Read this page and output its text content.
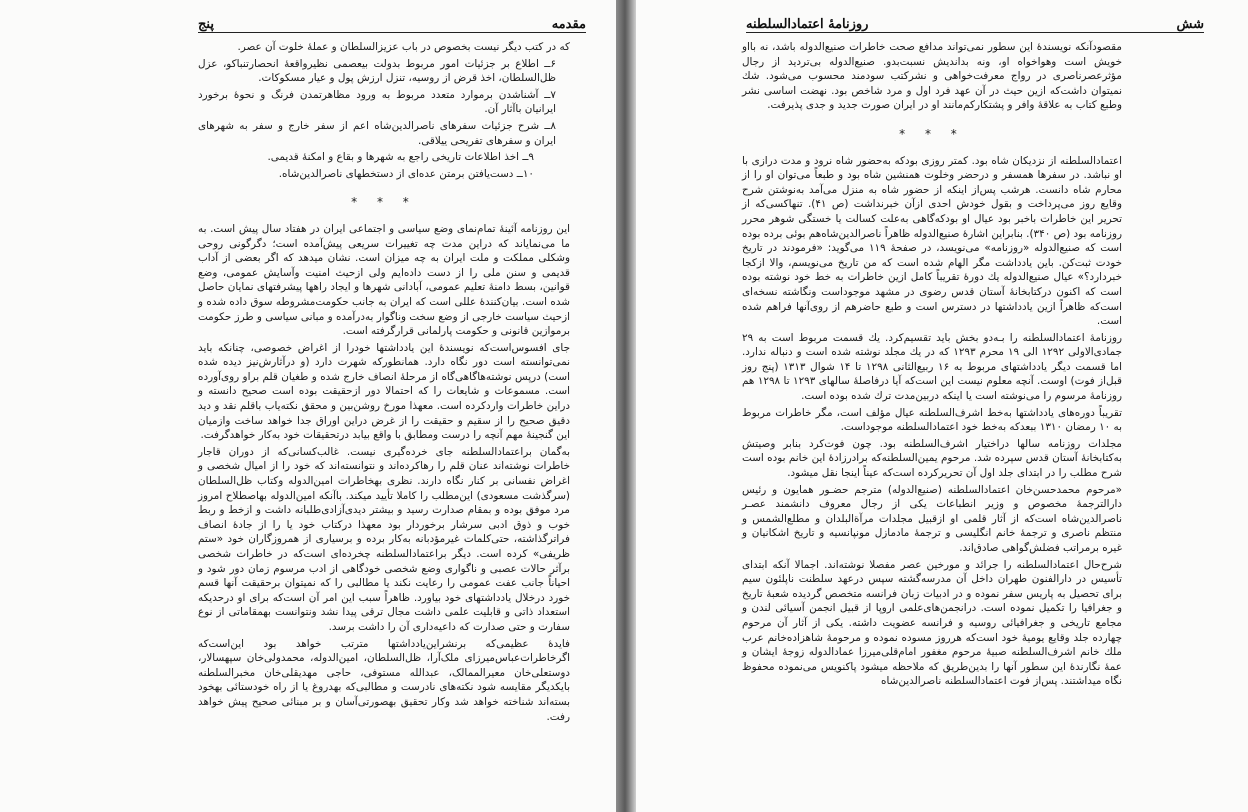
پنج	مقدمه

که در کتب دیگر نیست بخصوص در باب عزیزالسلطان و عملهٔ خلوت آن عصر.

۶ــ اطلاع بر جزئیات امور مربوط بدولت بیعصمی نظیرواقعهٔ انحصارتنباکو، عزل ظل‌السلطان، اخذ قرض از روسیه، تنزل ارزش پول و عیار مسکوکات.

۷ــ آشناشدن برموارد متعدد مربوط به ورود مظاهرتمدن فرنگ و نحوهٔ برخورد ایرانیان باآثار آن.

۸ــ شرح جزئیات سفرهای ناصرالدین‌شاه اعم از سفر خارج و سفر به شهرهای ایران و سفرهای تفریحی ییلاقی.

۹ــ اخذ اطلاعات تاریخی راجع به شهرها و بقاع و امکنهٔ قدیمی.

۱۰ــ دست‌یافتن برمتن عده‌ای از دستخطهای ناصرالدین‌شاه.

* * *

این روزنامه آئینهٔ تمام‌نمای وضع سیاسی و اجتماعی ایران در هفتاد سال پیش است. به ما می‌نمایاند که دراین مدت چه تغییرات سریعی پیش‌آمده است؛ دگرگونی روحی وشکلی مملکت و ملت ایران به چه میزان است. نشان میدهد که اگر بعضی از آداب قدیمی و سنن ملی را از دست داده‌ایم ولی ازحیث امنیت وآسایش عمومی، وضع قوانین، بسط دامنهٔ تعلیم عمومی، آبادانی شهرها و ایجاد راهها پیشرفتهای نمایان حاصل شده است. بیان‌کنندهٔ عللی است که ایران به جانب حکومت‌مشروطه سوق داده شده و ازحیث سیاست خارجی از وضع سخت وناگوار به‌درآمده و مبانی سیاسی و طرز حکومت برموازین قانونی و حکومت پارلمانی قرارگرفته است.

جای افسوس‌است‌که نویسندهٔ این یادداشتها خودرا از اغراض خصوصی، چنانکه باید نمی‌توانسته است دور نگاه دارد. همانطورکه شهرت دارد (و درآثارش‌نیز دیده شده است) درپس نوشته‌ها‌گاهی‌گاه از مرحلهٔ انصاف خارج شده و طغیان قلم براو روی‌آورده است. مسموعات و شایعات را که احتمالا دور ازحقیقت بوده است صحیح دانسته و دراین خاطرات واردکرده است. معهذا مورخ روشن‌بین و محقق نکته‌یاب باقلم نقد و دید دقیق صحیح را از سقیم و حقیقت را از غرض دراین اوراق جدا خواهد ساخت وازمیان این گنجینهٔ مهم آنچه را درست ومطابق با واقع بیابد درتحقیقات خود به‌کار خواهدگرفت.

به‌گمان براعتمادالسلطنه جای خرده‌گیری نیست. غالب‌کسانی‌که از دوران قاجار خاطرات نوشته‌اند عنان قلم را رهاکرده‌اند و نتوانسته‌اند که خود را از امیال شخصی و اغراض نفسانی بر کنار نگاه دارند. نظری بهخاطرات امین‌الدوله وکتاب ظل‌السلطان (سرگذشت مسعودی) این‌مطلب را کاملا تأیید میکند. باآنکه امین‌الدوله بهاصطلاح امروز مرد موفق بوده و بمقام صدارت رسید و بیشتر دیدی‌آزادی‌طلبانه داشت و ازخط و ربط خوب و ذوق ادبی سرشار برخوردار بود معهذا درکتاب خود یا را از جادهٔ انصاف فراتر‌گذاشته، حتی‌کلمات غیرمؤدبانه به‌کار برده و برسیاری از همروزگاران خود «ستم ظریفی» کرده است. دیگر براعتمادالسلطنه چخرده‌ای است‌که در خاطرات شخصی برآثر حالات عصبی و ناگواری وضع شخصی خودگاهی از ادب مرسوم زمان دور شود و احیاناً جانب عفت عمومی را رعایت نکند یا مطالبی را که نمیتوان برحقیقت آنها قسم خورد درخلال یادداشتهای خود بیاورد. ظاهراً سبب این امر آن است‌که برای او درحدیکه استعداد ذاتی و قابلیت علمی داشت مجال ترقی پیدا نشد ونتوانست بهمقاماتی از نوع سفارت و حتی صدارت که داعیه‌داری آن را داشت برسد.

فایدهٔ عظیمی‌که برنشراین‌یادداشتها مترتب خواهد بود این‌است‌که اگرخاطرات‌عباس‌میرزای ملک‌آرا، ظل‌السلطان، امین‌الدوله، محمدولی‌خان سپهسالار، دوستعلی‌خان معیرالممالک، عبدالله مستوفی، حاجی مهدیقلی‌خان مخبرالسلطنه بایکدیگر مقایسه شود نکته‌های نادرست و مطالبی‌که بهدروغ یا از راه خودستائی بهخود بسته‌اند شناخته خواهد شد وکار تحقیق بهصورتی‌آسان و بر مبنائی صحیح پیش خواهد رفت.

روزنامهٔ اعتمادالسلطنه	شش

مقصودآنکه نویسندهٔ این سطور نمی‌تواند مدافع صحت خاطرات صنیع‌الدوله باشد، نه بااو خویش است وهواخواه او، ونه بداندیش نسبت‌بدو. صنیع‌الدوله بی‌تردید از رجال مؤثرعصرناصری در رواج معرفت‌خواهی و نشرکتب سودمند محسوب می‌شود. شك نمیتوان داشت‌که ازین حیث در آن عهد فرد اول و مرد شاخص بود. نهضت اساسی نشر وطبع کتاب به علاقهٔ وافر و پشتکار‌کم‌مانند او در ایران صورت جدید و جدی پذیرفت.

* * *

اعتمادالسلطنه از نزدیکان شاه بود. کمتر روزی بودکه به‌حضور شاه نرود و مدت درازی با او نباشد. در سفرها همسفر و درحضر وخلوت همنشین شاه بود و طبعاً می‌توان او را از محارم شاه دانست. هرشب پس‌از اینکه از حضور شاه به منزل می‌آمد به‌نوشتن شرح وقایع روز می‌پرداخت و بقول خودش احدی ازآن خبرنداشت (ص ۴۱). تنها‌کسی‌که از تحریر این خاطرات باخبر بود عیال او بودکه‌گاهی به‌علت کسالت یا خستگی شوهر محرر روزنامه بود (ص ۳۴۰). بنابراین اشارهٔ صنیع‌الدوله ظاهراً ناصرالدین‌شاه‌هم بوئی برده بوده است که صنیع‌الدوله «روزنامه» می‌نویسد، در صفحهٔ ۱۱۹ می‌گوید: «فرمودند در تاریخ خودت ثبت‌کن. باین یادداشت مگر الهام شده است که من تاریخ می‌نویسم، والا ازکجا خبردارد؟» عیال صنیع‌الدوله یك دورهٔ تقریباً کامل ازین خاطرات به خط خود نوشته بوده است که اکنون درکتابخانهٔ آستان قدس رضوی در مشهد موجوداست ونگاشته نسخه‌ای است‌که ظاهراً ازین یادداشتها در دسترس است و طبع حاضرهم از روی‌آنها فراهم شده است.

روزنامهٔ اعتمادالسلطنه را بـه‌دو بخش باید تقسیم‌کرد. یك قسمت مربوط است به ۲۹ جمادی‌الاولی ۱۲۹۲ الی ۱۹ محرم ۱۲۹۳ که در یك مجلد نوشته شده است و دنباله ندارد. اما قسمت دیگر یادداشتهای مربوط به ۱۶ ربیع‌الثانی ۱۲۹۸ تا ۱۴ شوال ۱۳۱۳ (پنج روز قبل‌از فوت) اوست. آنچه معلوم نیست این است‌که آیا درفاصلهٔ سالهای ۱۲۹۳ تا ۱۲۹۸ هم روزنامهٔ مرسوم را می‌نوشته است یا اینکه دربین‌مدت ترك شده بوده است.

تقریباً دوره‌های یادداشتها به‌خط اشرف‌السلطنه عیال مؤلف است، مگر خاطرات مربوط به ۱۰ رمضان ۱۳۱۰ ببعدکه به‌خط خود اعتمادالسلطنه موجوداست.

مجلدات روزنامه سالها دراختیار اشرف‌السلطنه بود. چون فوت‌کرد بنابر وصیتش به‌کتابخانهٔ آستان قدس سپرده شد. مرحوم یمین‌السلطنه‌که برادرزادهٔ این خانم بوده است شرح مطلب را در ابتدای جلد اول آن تحریرکرده است‌که عیناً اینجا نقل میشود.

«مرحوم محمدحسن‌خان اعتمادالسلطنه (صنیع‌الدوله) مترجم حضـور همایون و رئیس دارالترجمهٔ مخصوص و وزیر انطباعات یکی از رجال معروف دانشمند عصـر ناصرالدین‌شاه است‌که از آثار قلمی او ازقبیل مجلدات مرآةالبلدان و مطلع‌الشمس و منتظم ناصری و ترجمهٔ خانم انگلیسی و ترجمهٔ مادمازل مونپانسیه و تاریخ اشکانیان و غیره برمراتب فضلش‌گواهی صادق‌اند.

شرح‌حال اعتمادالسلطنه را جرائد و مورخین عصر مفصلا نوشته‌اند. اجمالا آنکه ابتدای تأسیس در دارالفنون طهران داخل آن مدرسه‌گشته سپس درعهد سلطنت ناپلئون سیم برای تحصیل به پاریس سفر نموده و در ادبیات زبان فرانسه متخصص گردیده شعبهٔ تاریخ و جغرافیا را تکمیل نموده است. درانجمن‌های‌علمی اروپا از قبیل انجمن آسیائی لندن و مجامع تاریخی و جغرافیائی روسیه و فرانسه عضویت داشته. یکی از آثار آن مرحوم چهارده جلد وقایع یومیهٔ خود است‌که هرروز مسوده نموده و مرحومهٔ شاهزاده‌خانم عرب ملك خانم اشرف‌السلطنه صبیهٔ مرحوم مغفور امام‌قلی‌میرزا عمادالدوله زوجهٔ ایشان و عمهٔ نگارندهٔ این سطور آنها را بدین‌طریق که ملاحظه میشود پاکنویس می‌نموده محفوظ نگاه میداشتند. پس‌از فوت اعتمادالسلطنه ناصرالدین‌شاه
